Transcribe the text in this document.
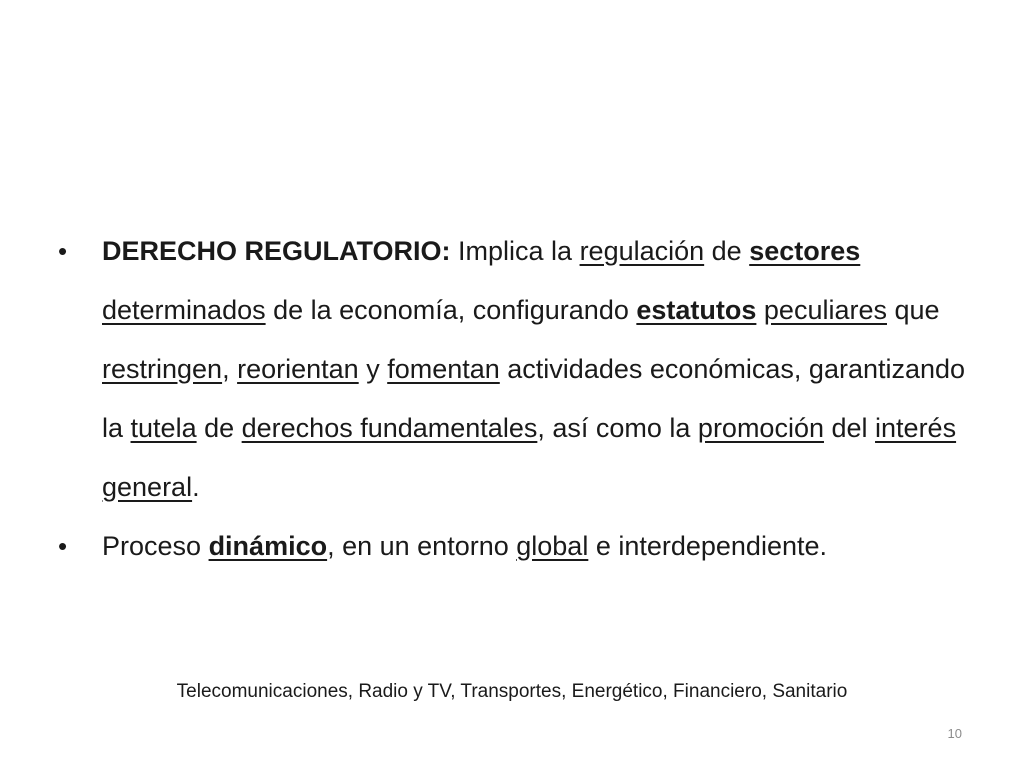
• DERECHO REGULATORIO: Implica la regulación de sectores determinados de la economía, configurando estatutos peculiares que restringen, reorientan y fomentan actividades económicas, garantizando la tutela de derechos fundamentales, así como la promoción del interés general.
• Proceso dinámico, en un entorno global e interdependiente.
Telecomunicaciones, Radio y TV, Transportes, Energético, Financiero, Sanitario
10
